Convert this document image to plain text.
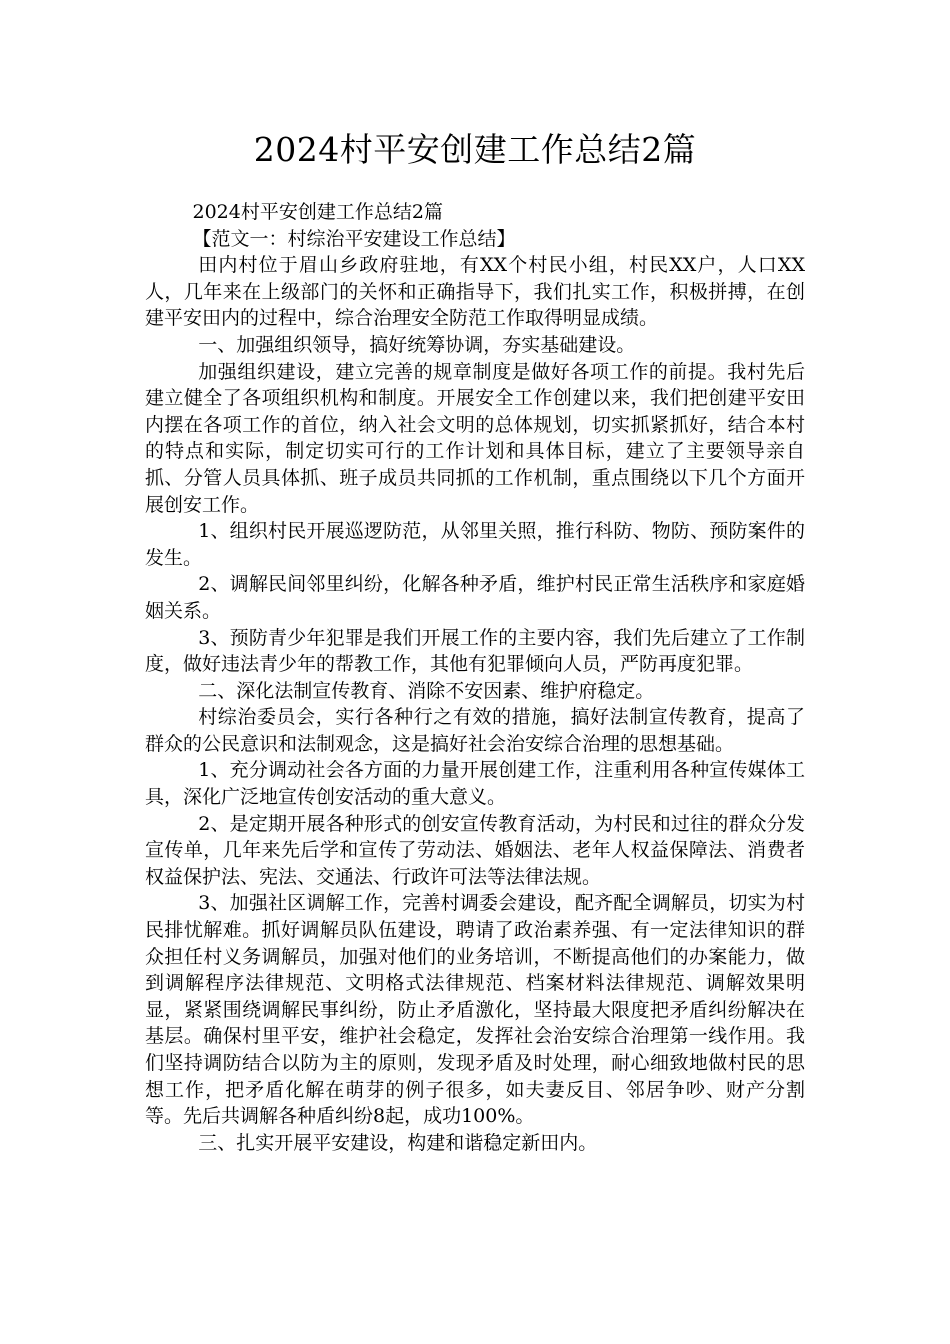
2024村平安创建工作总结2篇

2024村平安创建工作总结2篇

【范文一：村综治平安建设工作总结】

田内村位于眉山乡政府驻地，有XX个村民小组，村民XX户，人口XX人，几年来在上级部门的关怀和正确指导下，我们扎实工作，积极拼搏，在创建平安田内的过程中，综合治理安全防范工作取得明显成绩。

一、加强组织领导，搞好统筹协调，夯实基础建设。

加强组织建设，建立完善的规章制度是做好各项工作的前提。我村先后建立健全了各项组织机构和制度。开展安全工作创建以来，我们把创建平安田内摆在各项工作的首位，纳入社会文明的总体规划，切实抓紧抓好，结合本村的特点和实际，制定切实可行的工作计划和具体目标，建立了主要领导亲自抓、分管人员具体抓、班子成员共同抓的工作机制，重点围绕以下几个方面开展创安工作。

1、组织村民开展巡逻防范，从邻里关照，推行科防、物防、预防案件的发生。

2、调解民间邻里纠纷，化解各种矛盾，维护村民正常生活秩序和家庭婚姻关系。

3、预防青少年犯罪是我们开展工作的主要内容，我们先后建立了工作制度，做好违法青少年的帮教工作，其他有犯罪倾向人员，严防再度犯罪。

二、深化法制宣传教育、消除不安因素、维护府稳定。

村综治委员会，实行各种行之有效的措施，搞好法制宣传教育，提高了群众的公民意识和法制观念，这是搞好社会治安综合治理的思想基础。

1、充分调动社会各方面的力量开展创建工作，注重利用各种宣传媒体工具，深化广泛地宣传创安活动的重大意义。

2、是定期开展各种形式的创安宣传教育活动，为村民和过往的群众分发宣传单，几年来先后学和宣传了劳动法、婚姻法、老年人权益保障法、消费者权益保护法、宪法、交通法、行政许可法等法律法规。

3、加强社区调解工作，完善村调委会建设，配齐配全调解员，切实为村民排忧解难。抓好调解员队伍建设，聘请了政治素养强、有一定法律知识的群众担任村义务调解员，加强对他们的业务培训，不断提高他们的办案能力，做到调解程序法律规范、文明格式法律规范、档案材料法律规范、调解效果明显，紧紧围绕调解民事纠纷，防止矛盾激化，坚持最大限度把矛盾纠纷解决在基层。确保村里平安，维护社会稳定，发挥社会治安综合治理第一线作用。我们坚持调防结合以防为主的原则，发现矛盾及时处理，耐心细致地做村民的思想工作，把矛盾化解在萌芽的例子很多，如夫妻反目、邻居争吵、财产分割等。先后共调解各种盾纠纷8起，成功100%。

三、扎实开展平安建设，构建和谐稳定新田内。
